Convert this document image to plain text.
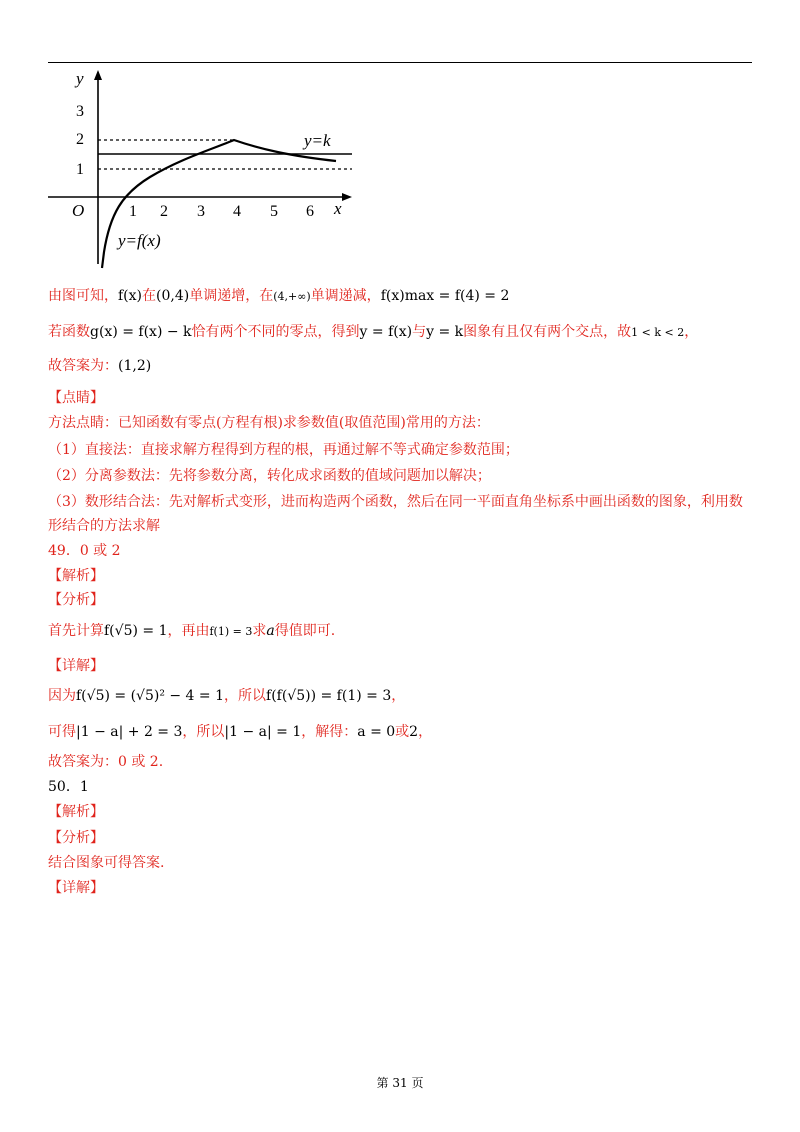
y
x
O	1 2 3 4 5 6
1
2
3
y=k
y=f(x)
由图可知，f(x)在(0,4)单调递增，在(4,+∞)单调递减，f(x)max = f(4) = 2
若函数g(x) = f(x) − k恰有两个不同的零点，得到y = f(x)与y = k图象有且仅有两个交点，故1 < k < 2，
故答案为：(1,2)
【点睛】
方法点睛：已知函数有零点(方程有根)求参数值(取值范围)常用的方法：
（1）直接法：直接求解方程得到方程的根，再通过解不等式确定参数范围；
（2）分离参数法：先将参数分离，转化成求函数的值域问题加以解决；
（3）数形结合法：先对解析式变形，进而构造两个函数，然后在同一平面直角坐标系中画出函数的图象，利用数
形结合的方法求解
49．0 或 2
【解析】
【分析】
首先计算f(√5) = 1，再由f(1) = 3求a得值即可.
【详解】
因为f(√5) = (√5)² − 4 = 1，所以f(f(√5)) = f(1) = 3，
可得|1 − a| + 2 = 3，所以|1 − a| = 1，解得：a = 0或2，
故答案为：0 或 2.
50．1
【解析】
【分析】
结合图象可得答案.
【详解】
第 31 页
